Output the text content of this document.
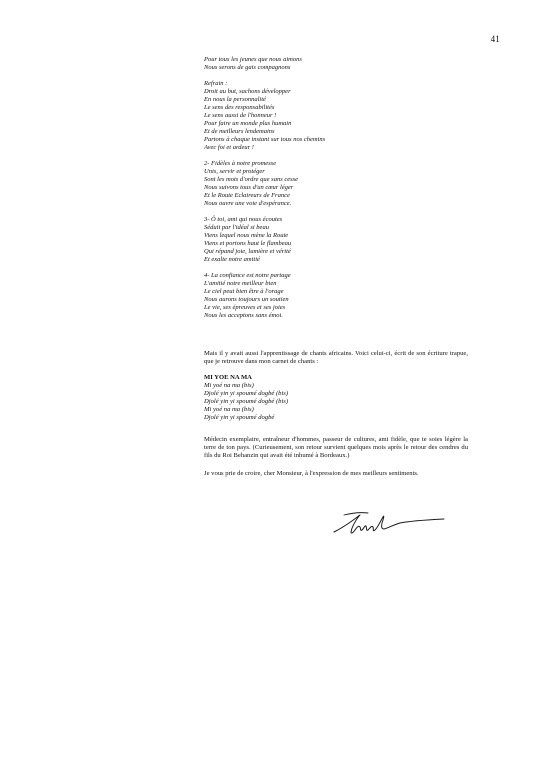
41
Pour tous les jeunes que nous aimons
Nous serons de gais compagnons
Refrain :
Droit au but, sachons développer
En nous la personnalité
Le sens des responsabilités
Le sens aussi de l'honneur !
Pour faire un monde plus humain
Et de meilleurs lendemains
Partons à chaque instant sur tous nos chemins
Avec foi et ardeur !
2- Fidèles à notre promesse
Unis, servir et protéger
Sont les mots d'ordre que sans cesse
Nous suivons tous d'un cœur léger
Et le Route Eclaireurs de France
Nous ouvre une voie d'espérance.
3- Ô toi, ami qui nous écoutes
Séduit par l'idéal si beau
Viens lequel nous mène la Route
Viens et portons haut le flambeau
Qui répand joie, lumière et vérité
Et exalte notre amitié
4- La confiance est notre partage
L'amitié notre meilleur bien
Le ciel peut bien être à l'orage
Nous aurons toujours un soutien
Le vie, ses épreuves et ses joies
Nous les acceptons sans émoi.

Mais il y avait aussi l'apprentissage de chants africains. Voici celui-ci, écrit de son écriture trapue, que je retrouve dans mon carnet de chants :

MI YOE NA MA
Mi yoé na ma (bis)
Djolé yin yi spoumé dogbé (bis)
Djolé yin yi spoumé dogbé (bis)
Mi yoé na ma (bis)
Djolé yin yi spoumé dogbé

Médecin exemplaire, entraîneur d'hommes, passeur de cultures, ami fidèle, que te soies légère la terre de ton pays. (Curieusement, son retour survient quelques mois après le retour des cendres du fils du Roi Behanzin qui avait été inhumé à Bordeaux.)

Je vous prie de croire, cher Monsieur, à l'expression de mes meilleurs sentiments.
